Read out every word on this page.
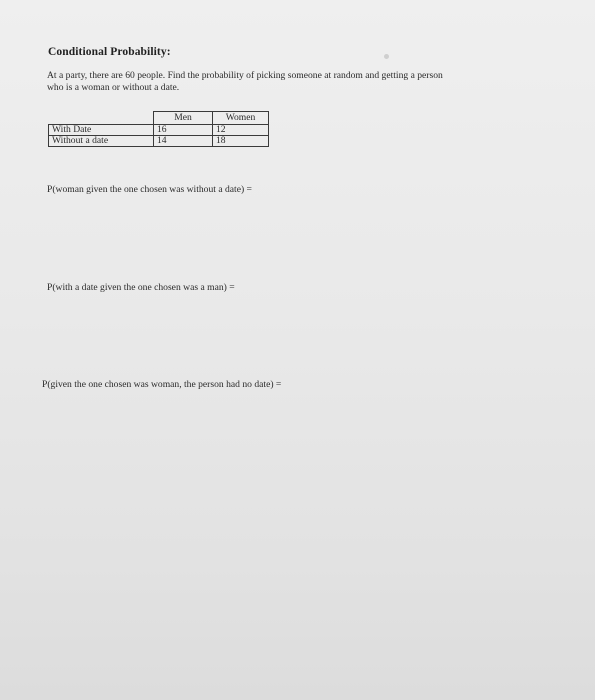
Conditional Probability:
At a party, there are 60 people. Find the probability of picking someone at random and getting a person
who is a woman or without a date.
	Men	Women
With Date	16	12
Without a date	14	18
P(woman given the one chosen was without a date) =
P(with a date given the one chosen was a man) =
P(given the one chosen was woman, the person had no date) =
